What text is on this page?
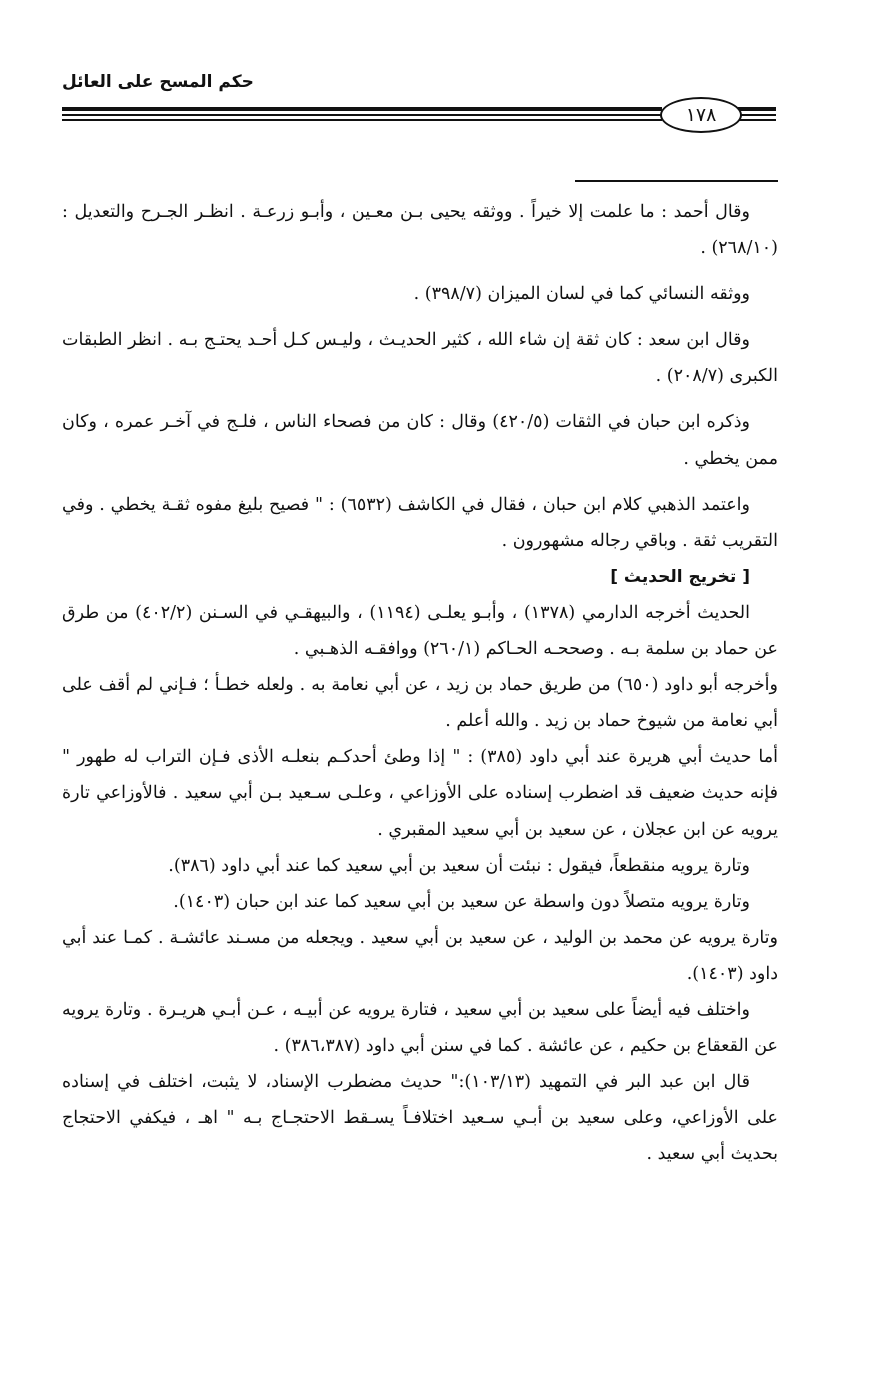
حكم المسح على العائل
١٧٨

وقال أحمد : ما علمت إلا خيراً . ووثقه يحيى بـن معـين ، وأبـو زرعـة . انظـر الجـرح والتعديل : (٢٦٨/١٠) .

ووثقه النسائي كما في لسان الميزان (٣٩٨/٧) .

وقال ابن سعد : كان ثقة إن شاء الله ، كثير الحديـث ، وليـس كـل أحـد يحتـج بـه . انظر الطبقات الكبرى (٢٠٨/٧) .

وذكره ابن حبان في الثقات (٤٢٠/٥) وقال : كان من فصحاء الناس ، فلـج في آخـر عمره ، وكان ممن يخطي .

واعتمد الذهبي كلام ابن حبان ، فقال في الكاشف (٦٥٣٢) : " فصيح بليغ مفوه ثقـة يخطي . وفي التقريب ثقة . وباقي رجاله مشهورون .

[ تخريج الحديث ]

الحديث أخرجه الدارمي (١٣٧٨) ، وأبـو يعلـى (١١٩٤) ، والبيهقـي في السـنن (٤٠٢/٢) من طرق عن حماد بن سلمة بـه . وصححـه الحـاكم (٢٦٠/١) ووافقـه الذهـبي .

وأخرجه أبو داود (٦٥٠) من طريق حماد بن زيد ، عن أبي نعامة به . ولعله خطـأ ؛ فـإني لم أقف على أبي نعامة من شيوخ حماد بن زيد . والله أعلم .

أما حديث أبي هريرة عند أبي داود (٣٨٥) : " إذا وطئ أحدكـم بنعلـه الأذى فـإن التراب له طهور " فإنه حديث ضعيف قد اضطرب إسناده على الأوزاعي ، وعلـى سـعيد بـن أبي سعيد . فالأوزاعي تارة يرويه عن ابن عجلان ، عن سعيد بن أبي سعيد المقبري .

وتارة يرويه منقطعاً، فيقول : نبئت أن سعيد بن أبي سعيد كما عند أبي داود (٣٨٦).

وتارة يرويه متصلاً دون واسطة عن سعيد بن أبي سعيد كما عند ابن حبان (١٤٠٣).

وتارة يرويه عن محمد بن الوليد ، عن سعيد بن أبي سعيد . ويجعله من مسـند عائشـة . كمـا عند أبي داود (١٤٠٣).

واختلف فيه أيضاً على سعيد بن أبي سعيد ، فتارة يرويه عن أبيـه ، عـن أبـي هريـرة . وتارة يرويه عن القعقاع بن حكيم ، عن عائشة . كما في سنن أبي داود (٣٨٦،٣٨٧) .

قال ابن عبد البر في التمهيد (١٠٣/١٣):" حديث مضطرب الإسناد، لا يثبت، اختلف في إسناده على الأوزاعي، وعلى سعيد بن أبـي سـعيد اختلافـاً يسـقط الاحتجـاج بـه " اهـ ، فيكفي الاحتجاج بحديث أبي سعيد .
